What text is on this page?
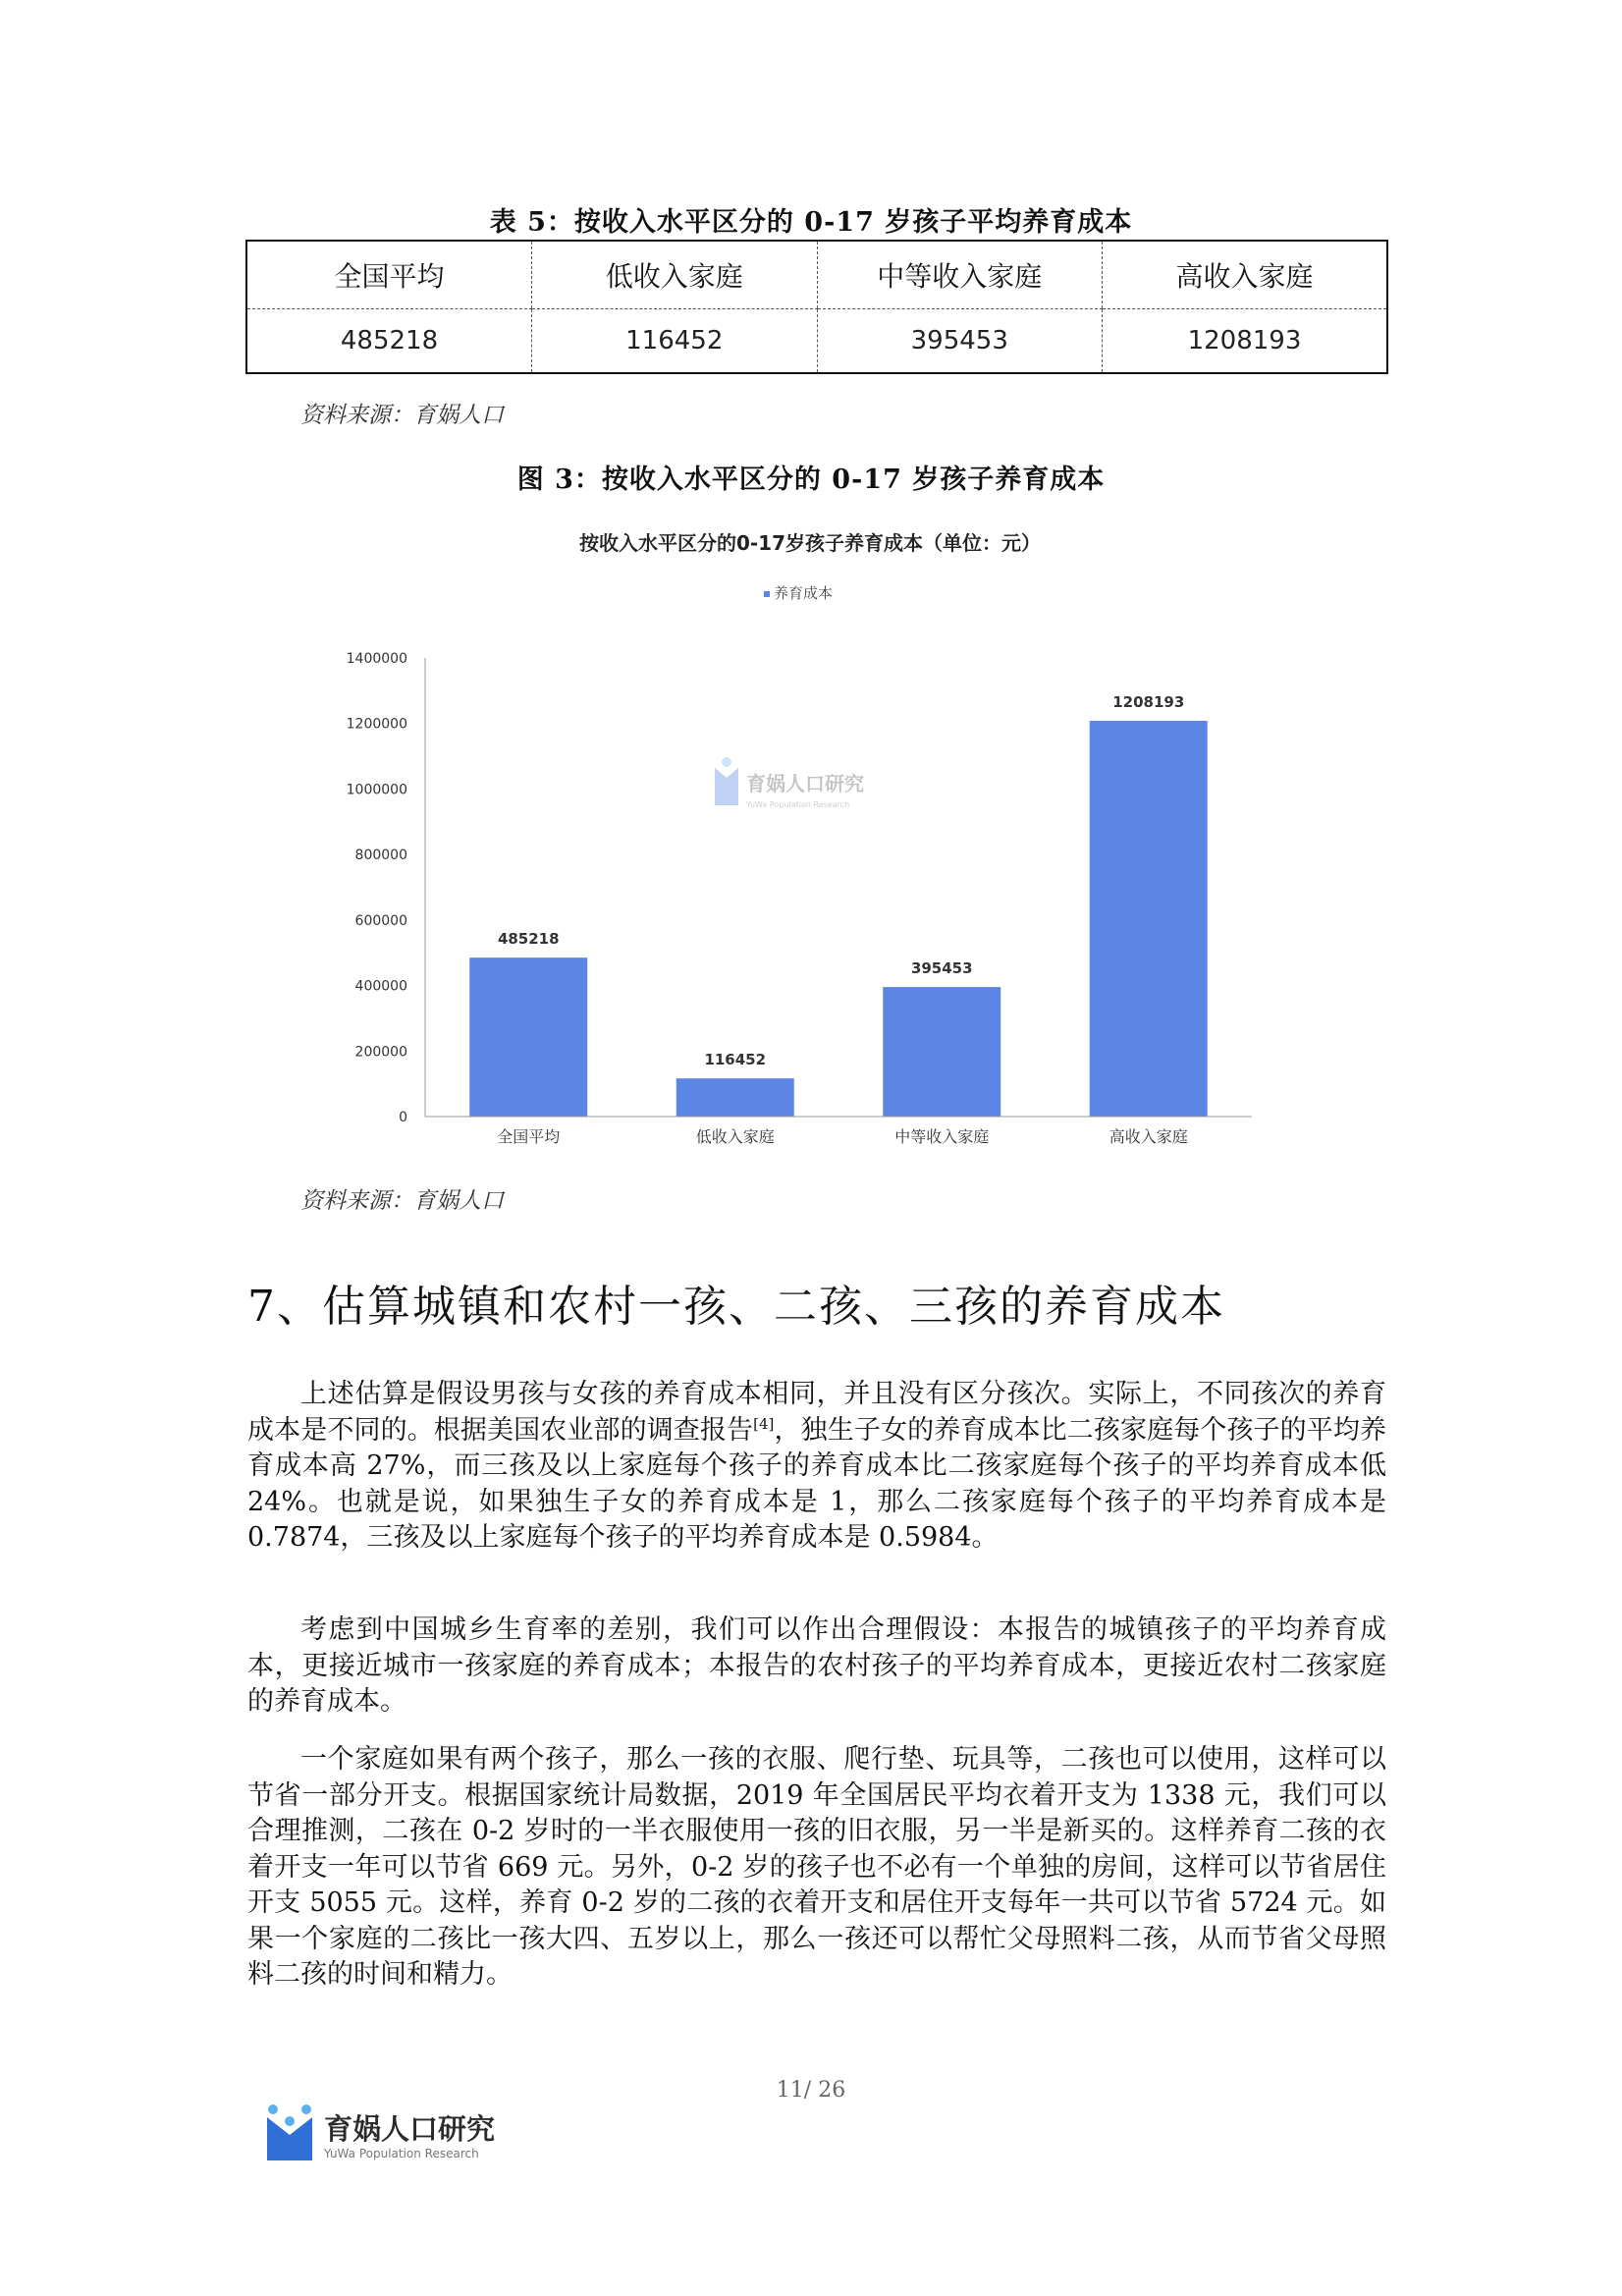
表 5：按收入水平区分的 0-17 岁孩子平均养育成本
全国平均	低收入家庭	中等收入家庭	高收入家庭
485218	116452	395453	1208193
资料来源：育娲人口
图 3：按收入水平区分的 0-17 岁孩子养育成本
育娲人口研究
YuWa Population Research
按收入水平区分的0-17岁孩子养育成本（单位：元）
养育成本
0
200000
400000
600000
800000
1000000
1200000
1400000
485218
116452
395453
1208193
全国平均	低收入家庭	中等收入家庭	高收入家庭
资料来源：育娲人口
7、估算城镇和农村一孩、二孩、三孩的养育成本

上述估算是假设男孩与女孩的养育成本相同，并且没有区分孩次。实际上，不同孩次的养育成本是不同的。根据美国农业部的调查报告[4]，独生子女的养育成本比二孩家庭每个孩子的平均养育成本高 27%，而三孩及以上家庭每个孩子的养育成本比二孩家庭每个孩子的平均养育成本低 24%。也就是说，如果独生子女的养育成本是 1，那么二孩家庭每个孩子的平均养育成本是 0.7874，三孩及以上家庭每个孩子的平均养育成本是 0.5984。

考虑到中国城乡生育率的差别，我们可以作出合理假设：本报告的城镇孩子的平均养育成本，更接近城市一孩家庭的养育成本；本报告的农村孩子的平均养育成本，更接近农村二孩家庭的养育成本。

一个家庭如果有两个孩子，那么一孩的衣服、爬行垫、玩具等，二孩也可以使用，这样可以节省一部分开支。根据国家统计局数据，2019 年全国居民平均衣着开支为 1338 元，我们可以合理推测，二孩在 0-2 岁时的一半衣服使用一孩的旧衣服，另一半是新买的。这样养育二孩的衣着开支一年可以节省 669 元。另外，0-2 岁的孩子也不必有一个单独的房间，这样可以节省居住开支 5055 元。这样，养育 0-2 岁的二孩的衣着开支和居住开支每年一共可以节省 5724 元。如果一个家庭的二孩比一孩大四、五岁以上，那么一孩还可以帮忙父母照料二孩，从而节省父母照料二孩的时间和精力。

11/ 26
育娲人口研究
YuWa Population Research
